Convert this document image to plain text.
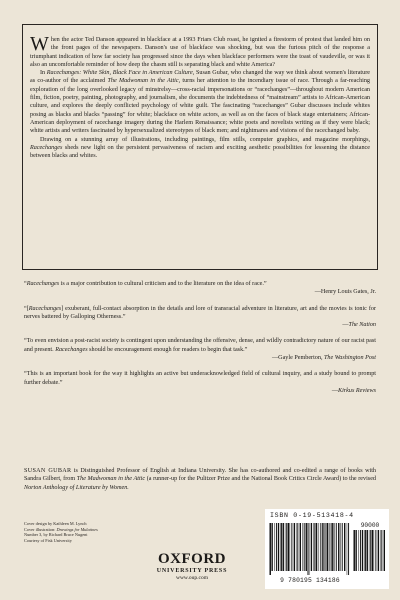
When the actor Ted Danson appeared in blackface at a 1993 Friars Club roast, he ignited a firestorm of protest that landed him on the front pages of the newspapers. Danson's use of blackface was shocking, but was the furious pitch of the response a triumphant indication of how far society has progressed since the days when blackface performers were the toast of vaudeville, or was it also an uncomfortable reminder of how deep the chasm still is separating black and white America?

In Racechanges: White Skin, Black Face in American Culture, Susan Gubar, who changed the way we think about women's literature as co-author of the acclaimed The Madwoman in the Attic, turns her attention to the incendiary issue of race. Through a far-reaching exploration of the long overlooked legacy of minstrelsy—cross-racial impersonations or “racechanges”—throughout modern American film, fiction, poetry, painting, photography, and journalism, she documents the indebtedness of “mainstream” artists to African-American culture, and explores the deeply conflicted psychology of white guilt. The fascinating “racechanges” Gubar discusses include whites posing as blacks and blacks “passing” for white; blackface on white actors, as well as on the faces of black stage entertainers; African-American deployment of racechange imagery during the Harlem Renaissance; white poets and novelists writing as if they were black; white artists and writers fascinated by hypersexualized stereotypes of black men; and nightmares and visions of the racechanged baby.

Drawing on a stunning array of illustrations, including paintings, film stills, computer graphics, and magazine morphings, Racechanges sheds new light on the persistent pervasiveness of racism and exciting aesthetic possibilities for lessening the distance between blacks and whites.

“Racechanges is a major contribution to cultural criticism and to the literature on the idea of race.”
—Henry Louis Gates, Jr.
“[Racechanges] exuberant, full-contact absorption in the details and lore of transracial adventure in literature, art and the movies is tonic for nerves battered by Galloping Otherness.”
—The Nation
“To even envision a post-racist society is contingent upon understanding the offensive, dense, and wildly contradictory nature of our racist past and present. Racechanges should be encouragement enough for readers to begin that task.”
—Gayle Pemberton, The Washington Post
“This is an important book for the way it highlights an active but underacknowledged field of cultural inquiry, and a study bound to prompt further debate.”
—Kirkus Reviews
SUSAN GUBAR is Distinguished Professor of English at Indiana University. She has co-authored and co-edited a range of books with Sandra Gilbert, from The Madwoman in the Attic (a runner-up for the Pulitzer Prize and the National Book Critics Circle Award) to the revised Norton Anthology of Literature by Women.
Cover design by Kathleen M. Lynch
Cover illustration: Drawings for Mulattoes
Number 3, by Richard Bruce Nugent
Courtesy of Fisk University
OXFORD
UNIVERSITY PRESS
www.oup.com
ISBN 0-19-513418-4
90000
9 780195 134186
